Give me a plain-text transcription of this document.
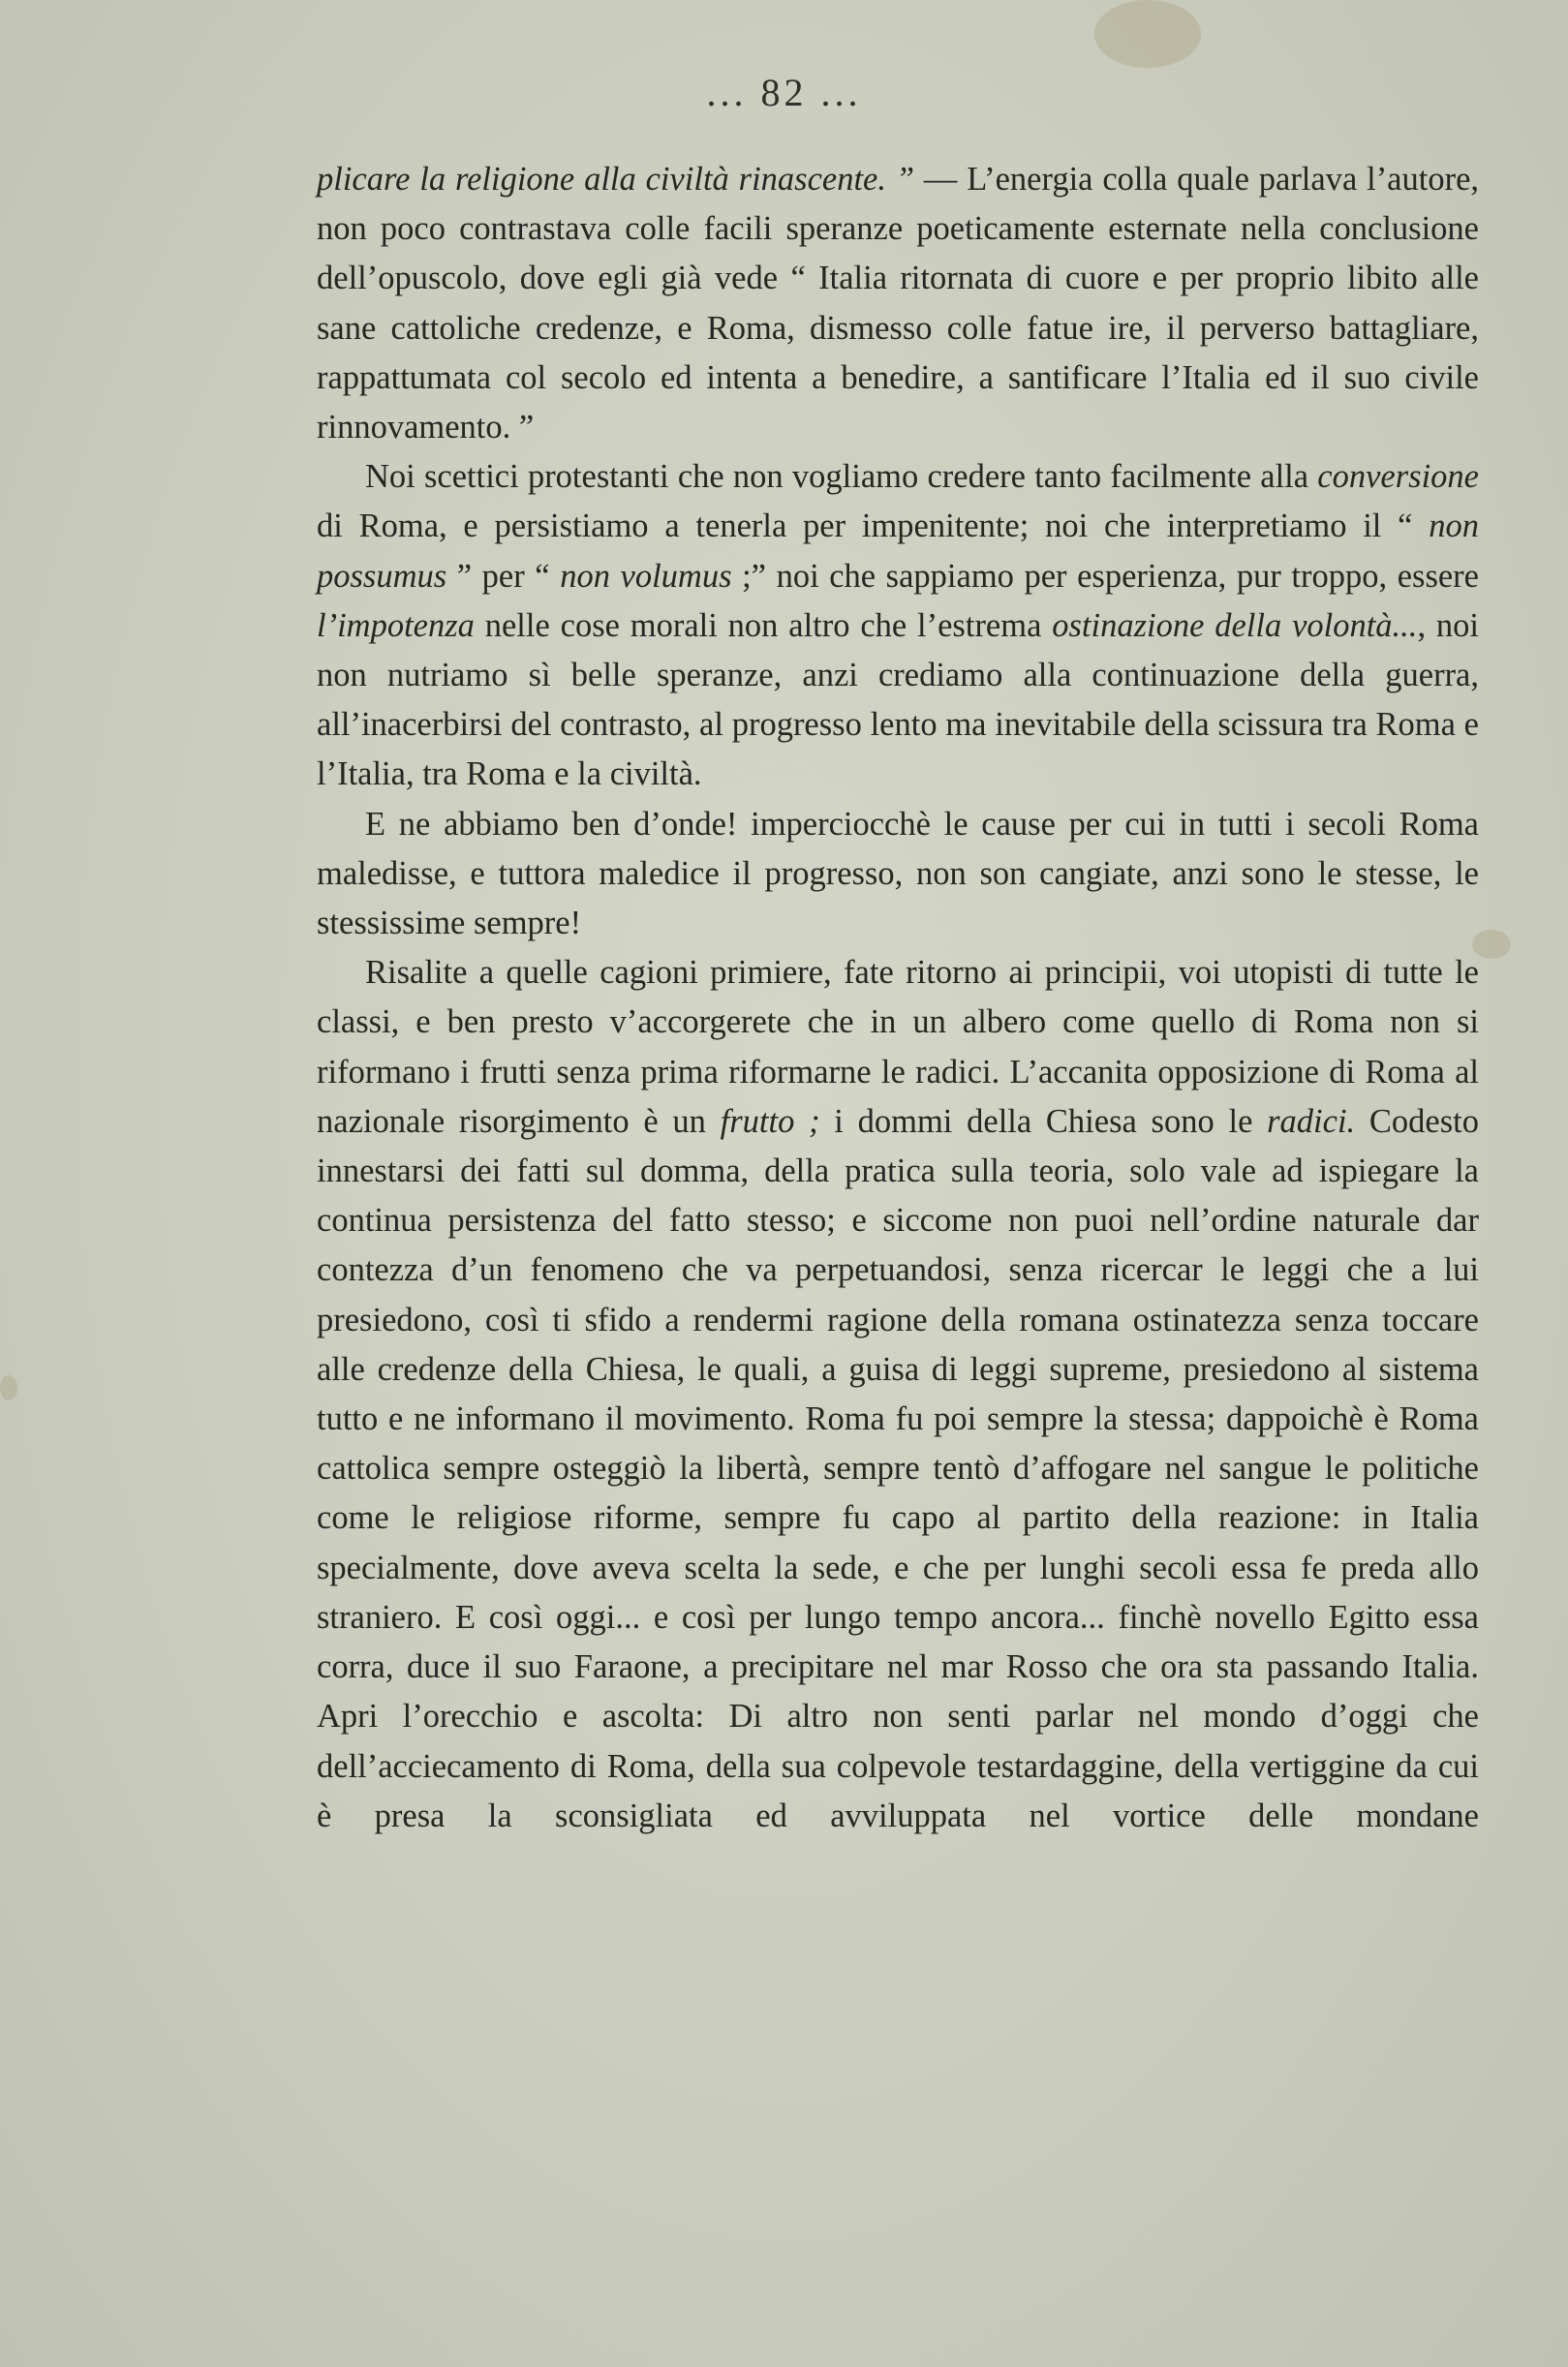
... 82 ...

plicare la religione alla civiltà rinascente. ” — L’energia colla quale parlava l’autore, non poco contrastava colle facili speranze poeticamente esternate nella conclusione dell’opuscolo, dove egli già vede “ Italia ritornata di cuore e per proprio libito alle sane cattoliche credenze, e Roma, dismesso colle fatue ire, il perverso battagliare, rappattumata col secolo ed intenta a benedire, a santificare l’Italia ed il suo civile rinnovamento. ”

Noi scettici protestanti che non vogliamo credere tanto facilmente alla conversione di Roma, e persistiamo a tenerla per impenitente; noi che interpretiamo il “ non possumus ” per “ non volumus ;” noi che sappiamo per esperienza, pur troppo, essere l’impotenza nelle cose morali non altro che l’estrema ostinazione della volontà..., noi non nutriamo sì belle speranze, anzi crediamo alla continuazione della guerra, all’inacerbirsi del contrasto, al progresso lento ma inevitabile della scissura tra Roma e l’Italia, tra Roma e la civiltà.

E ne abbiamo ben d’onde! imperciocchè le cause per cui in tutti i secoli Roma maledisse, e tuttora maledice il progresso, non son cangiate, anzi sono le stesse, le stessissime sempre!

Risalite a quelle cagioni primiere, fate ritorno ai principii, voi utopisti di tutte le classi, e ben presto v’accorgerete che in un albero come quello di Roma non si riformano i frutti senza prima riformarne le radici. L’accanita opposizione di Roma al nazionale risorgimento è un frutto ; i dommi della Chiesa sono le radici. Codesto innestarsi dei fatti sul domma, della pratica sulla teoria, solo vale ad ispiegare la continua persistenza del fatto stesso; e siccome non puoi nell’ordine naturale dar contezza d’un fenomeno che va perpetuandosi, senza ricercar le leggi che a lui presiedono, così ti sfido a rendermi ragione della romana ostinatezza senza toccare alle credenze della Chiesa, le quali, a guisa di leggi supreme, presiedono al sistema tutto e ne informano il movimento. Roma fu poi sempre la stessa; dappoichè è Roma cattolica sempre osteggiò la libertà, sempre tentò d’affogare nel sangue le politiche come le religiose riforme, sempre fu capo al partito della reazione: in Italia specialmente, dove aveva scelta la sede, e che per lunghi secoli essa fe preda allo straniero. E così oggi... e così per lungo tempo ancora... finchè novello Egitto essa corra, duce il suo Faraone, a precipitare nel mar Rosso che ora sta passando Italia. Apri l’orecchio e ascolta: Di altro non senti parlar nel mondo d’oggi che dell’acciecamento di Roma, della sua colpevole testardaggine, della vertiggine da cui è presa la sconsigliata ed avviluppata nel vortice delle mondane
